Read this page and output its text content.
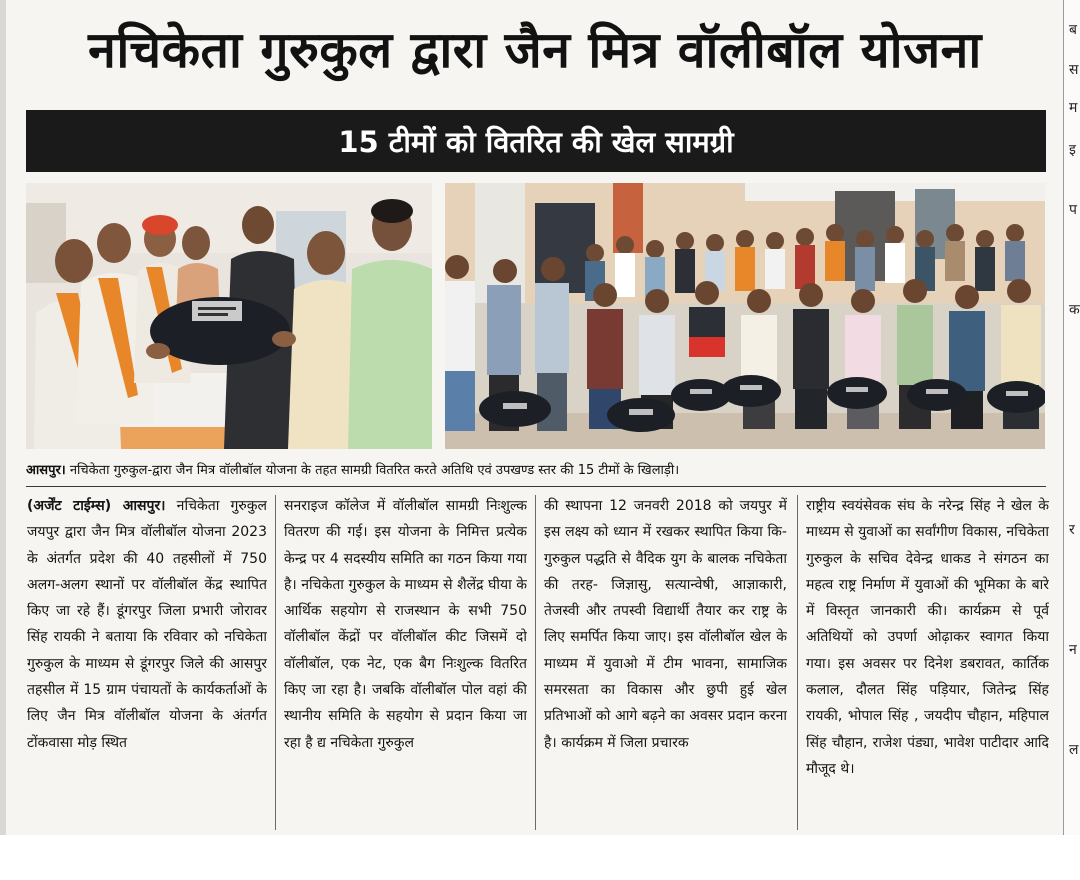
ब
स
म
इ
प
क
र
न
ल
नचिकेता गुरुकुल द्वारा जैन मित्र वॉलीबॉल योजना
15 टीमों को वितरित की खेल सामग्री
आसपुर। नचिकेता गुरुकुल-द्वारा जैन मित्र वॉलीबॉल योजना के तहत सामग्री वितरित करते अतिथि एवं उपखण्ड स्तर की 15 टीमों के खिलाड़ी।

(अर्जेंट टाईम्स) आसपुर। नचिकेता गुरुकुल जयपुर द्वारा जैन मित्र वॉलीबॉल योजना 2023 के अंतर्गत प्रदेश की 40 तहसीलों में 750 अलग-अलग स्थानों पर वॉलीबॉल केंद्र स्थापित किए जा रहे हैं। डूंगरपुर जिला प्रभारी जोरावर सिंह रायकी ने बताया कि रविवार को नचिकेता गुरुकुल के माध्यम से डूंगरपुर जिले की आसपुर तहसील में 15 ग्राम पंचायतों के कार्यकर्ताओं के लिए जैन मित्र वॉलीबॉल योजना के अंतर्गत टोंकवासा मोड़ स्थित

सनराइज कॉलेज में वॉलीबॉल सामग्री निःशुल्क वितरण की गई। इस योजना के निमित्त प्रत्येक केन्द्र पर 4 सदस्यीय समिति का गठन किया गया है। नचिकेता गुरुकुल के माध्यम से शैलेंद्र घीया के आर्थिक सहयोग से राजस्थान के सभी 750 वॉलीबॉल केंद्रों पर वॉलीबॉल कीट जिसमें दो वॉलीबॉल, एक नेट, एक बैग निःशुल्क वितरित किए जा रहा है। जबकि वॉलीबॉल पोल वहां की स्थानीय समिति के सहयोग से प्रदान किया जा रहा है द्य नचिकेता गुरुकुल

की स्थापना 12 जनवरी 2018 को जयपुर में इस लक्ष्य को ध्यान में रखकर स्थापित किया कि- गुरुकुल पद्धति से वैदिक युग के बालक नचिकेता की तरह- जिज्ञासु, सत्यान्वेषी, आज्ञाकारी, तेजस्वी और तपस्वी विद्यार्थी तैयार कर राष्ट्र के लिए समर्पित किया जाए। इस वॉलीबॉल खेल के माध्यम में युवाओ में टीम भावना, सामाजिक समरसता का विकास और छुपी हुई खेल प्रतिभाओं को आगे बढ़ने का अवसर प्रदान करना है। कार्यक्रम में जिला प्रचारक

राष्ट्रीय स्वयंसेवक संघ के नरेन्द्र सिंह ने खेल के माध्यम से युवाओं का सर्वांगीण विकास, नचिकेता गुरुकुल के सचिव देवेन्द्र धाकड ने संगठन का महत्व राष्ट्र निर्माण में युवाओं की भूमिका के बारे में विस्तृत जानकारी की। कार्यक्रम से पूर्व अतिथियों को उपर्णा ओढ़ाकर स्वागत किया गया। इस अवसर पर दिनेश डबरावत, कार्तिक कलाल, दौलत सिंह पड़ियार, जितेन्द्र सिंह रायकी, भोपाल सिंह , जयदीप चौहान, महिपाल सिंह चौहान, राजेश पंड्या, भावेश पाटीदार आदि मौजूद थे।
